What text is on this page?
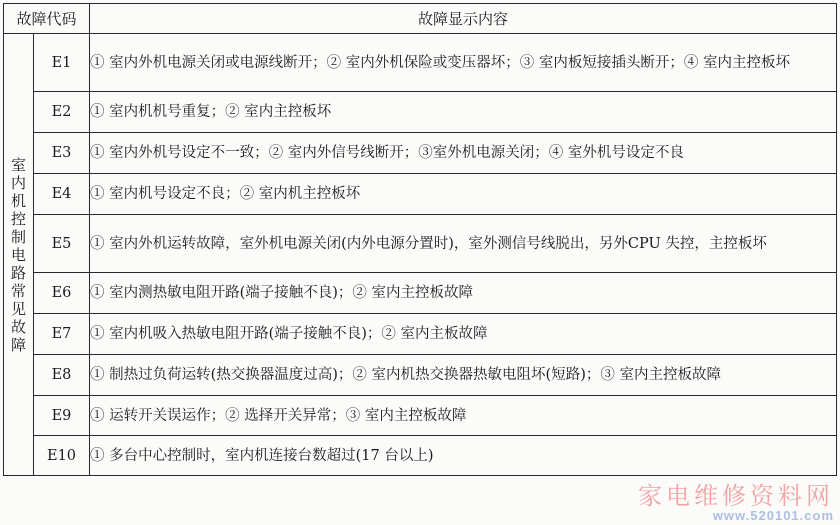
故障代码		故障显示内容
室内机控制电路常见故障	E1	① 室内外机电源关闭或电源线断开；② 室内外机保险或变压器坏；③ 室内板短接插头断开；④ 室内主控板坏
	E2	① 室内机机号重复；② 室内主控板坏
	E3	① 室内外机号设定不一致；② 室内外信号线断开；③室外机电源关闭；④ 室外机号设定不良
	E4	① 室内机号设定不良；② 室内机主控板坏
	E5	① 室内外机运转故障，室外机电源关闭(内外电源分置时)，室外测信号线脱出，另外CPU 失控，主控板坏
	E6	① 室内测热敏电阻开路(端子接触不良)；② 室内主控板故障
	E7	① 室内机吸入热敏电阻开路(端子接触不良)；② 室内主板故障
	E8	① 制热过负荷运转(热交换器温度过高)；② 室内机热交换器热敏电阻坏(短路)；③ 室内主控板故障
	E9	① 运转开关误运作；② 选择开关异常；③ 室内主控板故障
	E10	① 多台中心控制时，室内机连接台数超过(17 台以上)
家电维修资料网
www.520101.com
